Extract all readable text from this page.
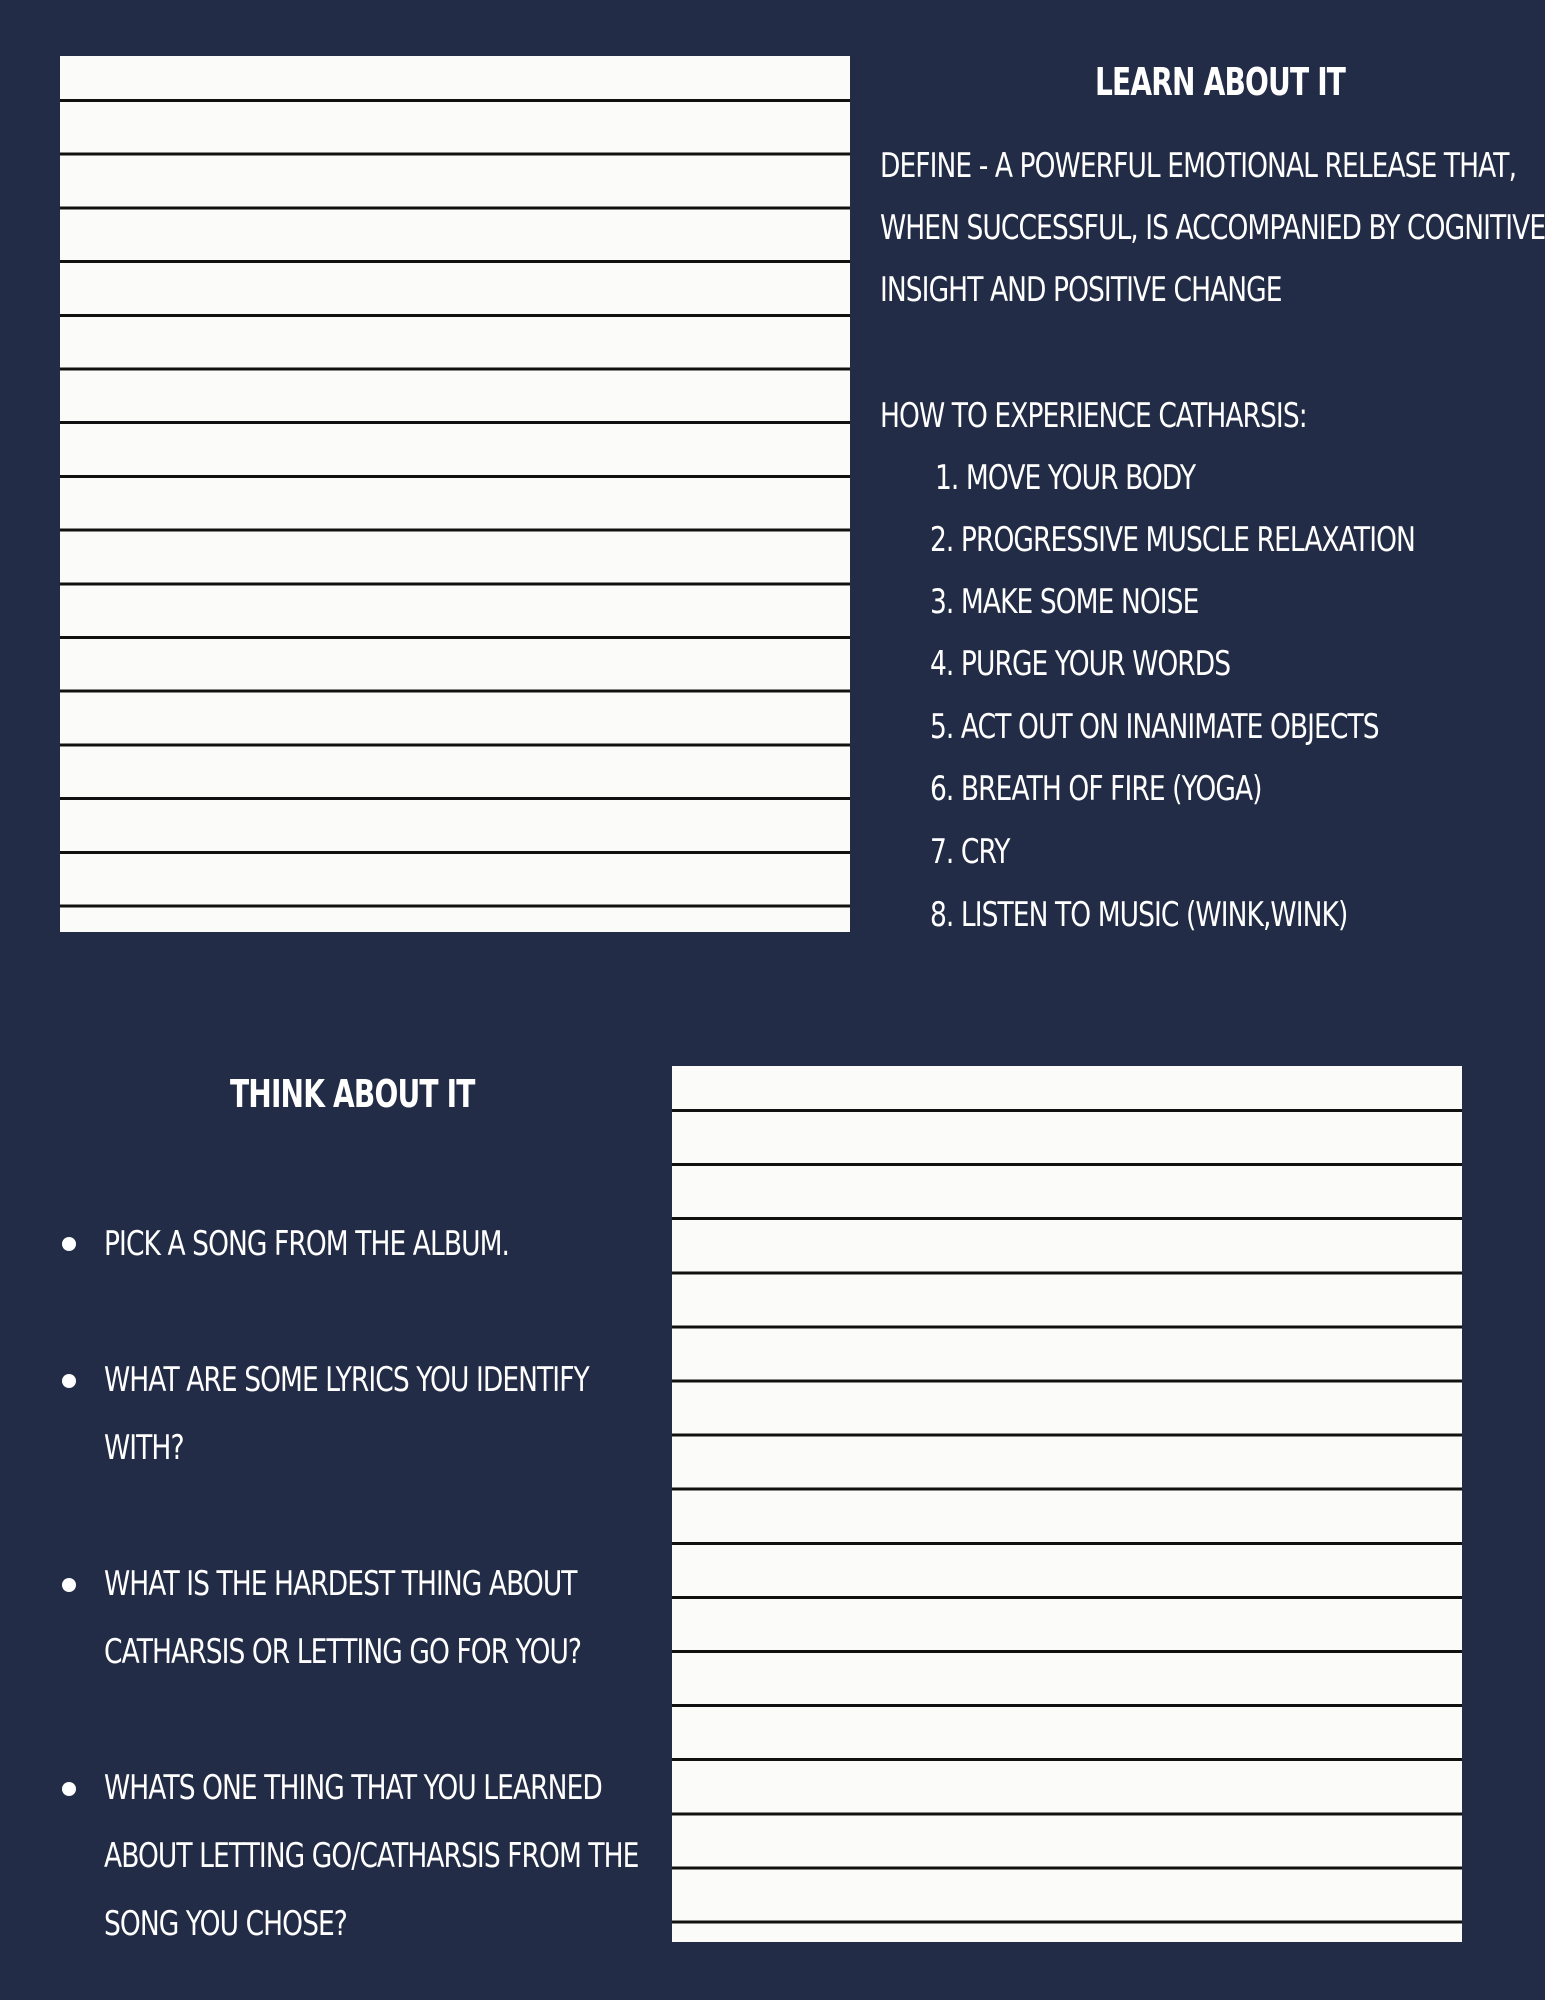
LEARN ABOUT IT
DEFINE - A POWERFUL EMOTIONAL RELEASE THAT,
WHEN SUCCESSFUL, IS ACCOMPANIED BY COGNITIVE
INSIGHT AND POSITIVE CHANGE
HOW TO EXPERIENCE CATHARSIS:
1. MOVE YOUR BODY
2. PROGRESSIVE MUSCLE RELAXATION
3. MAKE SOME NOISE
4. PURGE YOUR WORDS
5. ACT OUT ON INANIMATE OBJECTS
6. BREATH OF FIRE (YOGA)
7. CRY
8. LISTEN TO MUSIC (WINK,WINK)
THINK ABOUT IT
PICK A SONG FROM THE ALBUM.
WHAT ARE SOME LYRICS YOU IDENTIFY
WITH?
WHAT IS THE HARDEST THING ABOUT
CATHARSIS OR LETTING GO FOR YOU?
WHATS ONE THING THAT YOU LEARNED
ABOUT LETTING GO/CATHARSIS FROM THE
SONG YOU CHOSE?
